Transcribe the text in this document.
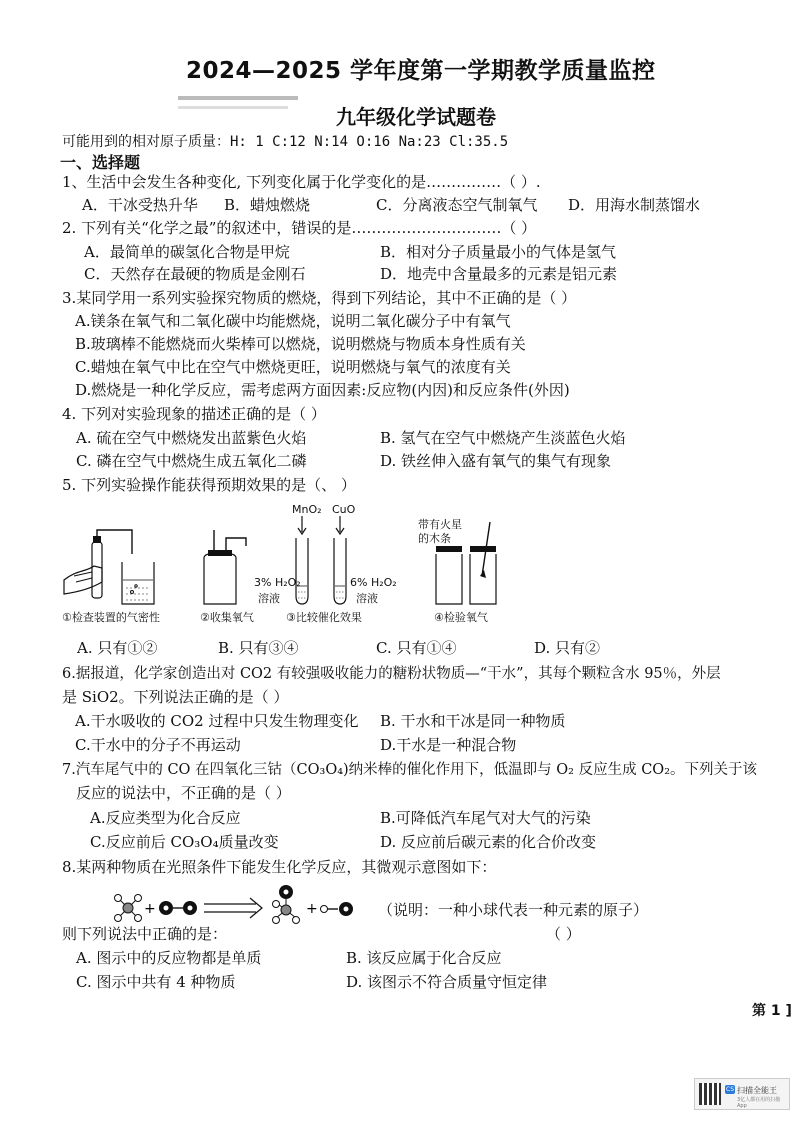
2024—2025 学年度第一学期教学质量监控
九年级化学试题卷
可能用到的相对原子质量：H: 1 C:12 N:14 O:16 Na:23 Cl:35.5
一、选择题
1、生活中会发生各种变化, 下列变化属于化学变化的是……………（ ）.
A．干冰受热升华 B．蜡烛燃烧	C．分离液态空气制氧气 D．用海水制蒸馏水
2. 下列有关“化学之最”的叙述中，错误的是…………………………（ ）
A．最简单的碳氢化合物是甲烷	B．相对分子质量最小的气体是氢气
C．天然存在最硬的物质是金刚石	D．地壳中含量最多的元素是铝元素
3.某同学用一系列实验探究物质的燃烧，得到下列结论，其中不正确的是（ ）
A.镁条在氧气和二氧化碳中均能燃烧，说明二氧化碳分子中有氧气
B.玻璃棒不能燃烧而火柴棒可以燃烧，说明燃烧与物质本身性质有关
C.蜡烛在氧气中比在空气中燃烧更旺，说明燃烧与氧气的浓度有关
D.燃烧是一种化学反应，需考虑两方面因素:反应物(内因)和反应条件(外因)
4. 下列对实验现象的描述正确的是（ ）
A. 硫在空气中燃烧发出蓝紫色火焰	B. 氢气在空气中燃烧产生淡蓝色火焰
C. 磷在空气中燃烧生成五氧化二磷	D. 铁丝伸入盛有氧气的集气有现象
5. 下列实验操作能获得预期效果的是（、 ）
①检查装置的气密性	②收集氧气
MnO₂ CuO
3% H₂O₂
溶液
6% H₂O₂
溶液
③比较催化效果
带有火星
的木条
④检验氧气
A. 只有①②	B. 只有③④	C. 只有①④	D. 只有②
6.据报道，化学家创造出对 CO2 有较强吸收能力的糖粉状物质—“干水”，其每个颗粒含水 95％，外层
是 SiO2。下列说法正确的是（ ）
A.干水吸收的 CO2 过程中只发生物理变化 B. 干水和干冰是同一种物质
C.干水中的分子不再运动	D.干水是一种混合物
7.汽车尾气中的 CO 在四氧化三钴（CO₃O₄)纳米棒的催化作用下，低温即与 O₂ 反应生成 CO₂。下列关于该
反应的说法中，不正确的是（ ）
A.反应类型为化合反应	B.可降低汽车尾气对大气的污染
C.反应前后 CO₃O₄质量改变	D. 反应前后碳元素的化合价改变
8.某两种物质在光照条件下能发生化学反应，其微观示意图如下：
+	+	（说明：一种小球代表一种元素的原子）
则下列说法中正确的是：	（ ）
A. 图示中的反应物都是单质	B. 该反应属于化合反应
C. 图示中共有 4 种物质	D. 该图示不符合质量守恒定律
第 1 ]
CS 扫描全能王
3亿人都在用的扫描App
